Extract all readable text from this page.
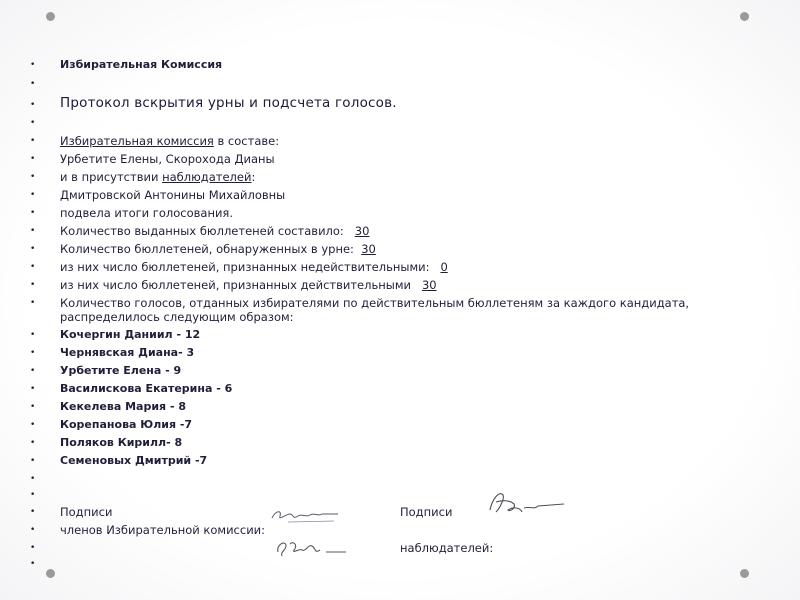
•	Избирательная Комиссия
•
•	Протокол вскрытия урны и подсчета голосов.
•
•	Избирательная комиссия в составе:
•	Урбетите Елены, Скорохода Дианы
•	и в присутствии наблюдателей:
•	Дмитровской Антонины Михайловны
•	подвела итоги голосования.
•	Количество выданных бюллетеней составило: 30
•	Количество бюллетеней, обнаруженных в урне: 30
•	из них число бюллетеней, признанных недействительными: 0
•	из них число бюллетеней, признанных действительными 30
•	Количество голосов, отданных избирателями по действительным бюллетеням за каждого кандидата,
распределилось следующим образом:
•	Кочергин Даниил - 12
•	Чернявская Диана- 3
•	Урбетите Елена - 9
•	Василискова Екатерина - 6
•	Кекелева Мария - 8
•	Корепанова Юлия -7
•	Поляков Кирилл- 8
•	Семеновых Дмитрий -7
•
•
•	Подписи
•	членов Избирательной комиссии:
•
•
Подписи
наблюдателей:
